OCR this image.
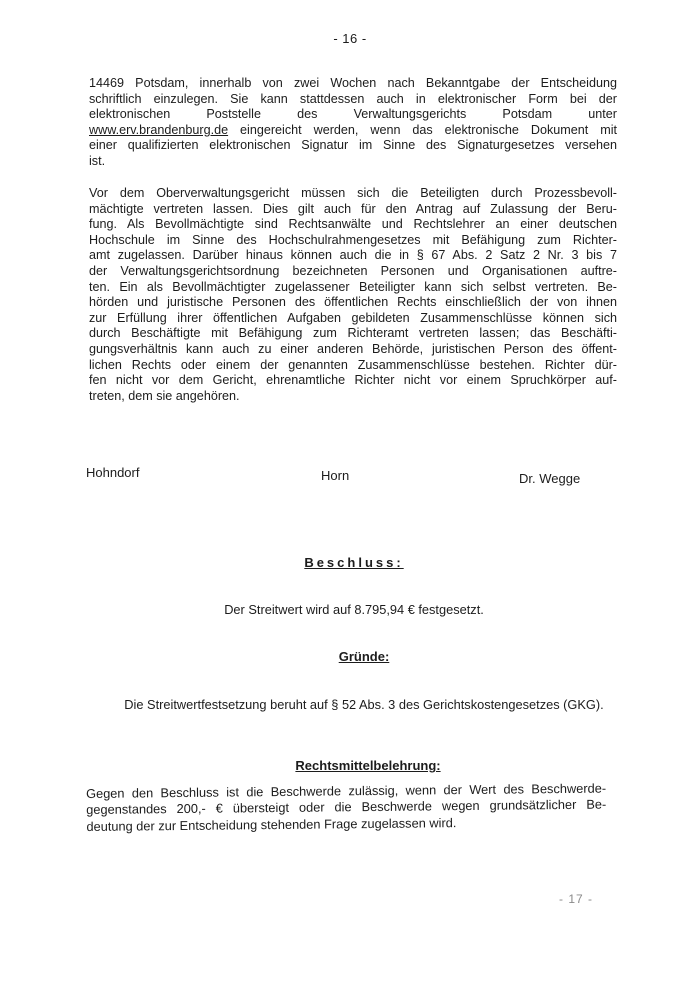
- 16 -
14469 Potsdam, innerhalb von zwei Wochen nach Bekanntgabe der Entscheidung
schriftlich einzulegen. Sie kann stattdessen auch in elektronischer Form bei der
elektronischen Poststelle des Verwaltungsgerichts Potsdam unter
www.erv.brandenburg.de eingereicht werden, wenn das elektronische Dokument mit
einer qualifizierten elektronischen Signatur im Sinne des Signaturgesetzes versehen
ist.
Vor dem Oberverwaltungsgericht müssen sich die Beteiligten durch Prozessbevoll-
mächtigte vertreten lassen. Dies gilt auch für den Antrag auf Zulassung der Beru-
fung. Als Bevollmächtigte sind Rechtsanwälte und Rechtslehrer an einer deutschen
Hochschule im Sinne des Hochschulrahmengesetzes mit Befähigung zum Richter-
amt zugelassen. Darüber hinaus können auch die in § 67 Abs. 2 Satz 2 Nr. 3 bis 7
der Verwaltungsgerichtsordnung bezeichneten Personen und Organisationen auftre-
ten. Ein als Bevollmächtigter zugelassener Beteiligter kann sich selbst vertreten. Be-
hörden und juristische Personen des öffentlichen Rechts einschließlich der von ihnen
zur Erfüllung ihrer öffentlichen Aufgaben gebildeten Zusammenschlüsse können sich
durch Beschäftigte mit Befähigung zum Richteramt vertreten lassen; das Beschäfti-
gungsverhältnis kann auch zu einer anderen Behörde, juristischen Person des öffent-
lichen Rechts oder einem der genannten Zusammenschlüsse bestehen. Richter dür-
fen nicht vor dem Gericht, ehrenamtliche Richter nicht vor einem Spruchkörper auf-
treten, dem sie angehören.
Hohndorf	Horn	Dr. Wegge
Beschluss:
Der Streitwert wird auf 8.795,94 € festgesetzt.
Gründe:
Die Streitwertfestsetzung beruht auf § 52 Abs. 3 des Gerichtskostengesetzes (GKG).
Rechtsmittelbelehrung:
Gegen den Beschluss ist die Beschwerde zulässig, wenn der Wert des Beschwerde-
gegenstandes 200,- € übersteigt oder die Beschwerde wegen grundsätzlicher Be-
deutung der zur Entscheidung stehenden Frage zugelassen wird.
- 17 -
